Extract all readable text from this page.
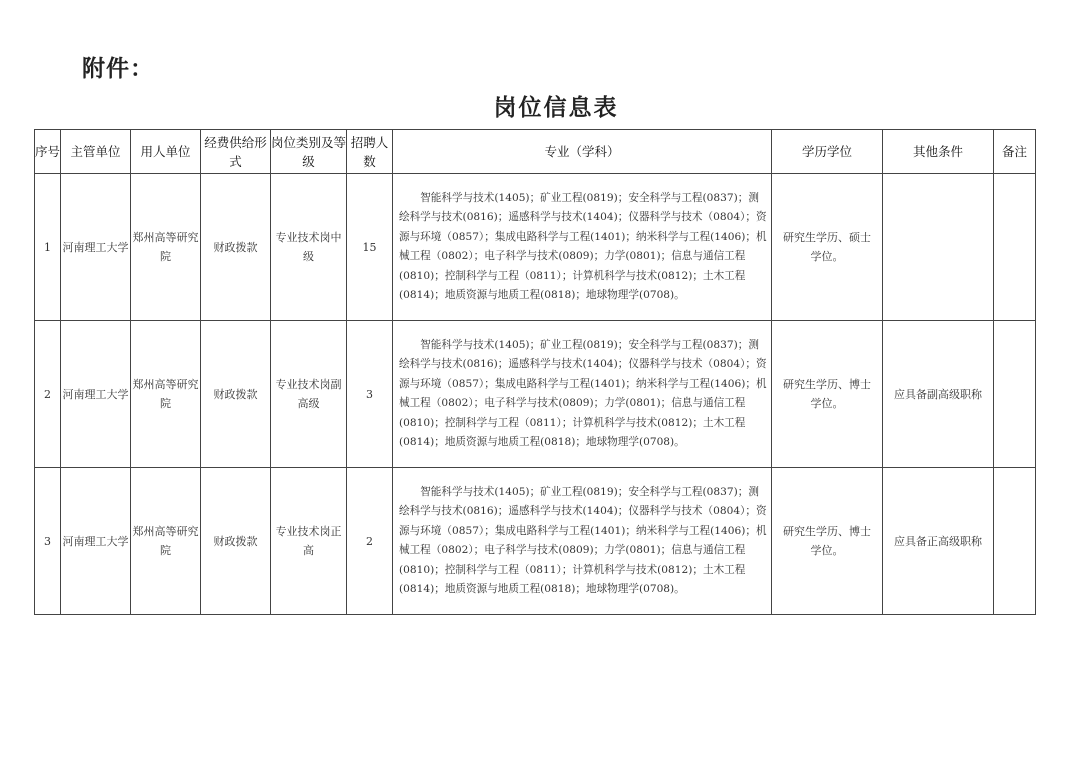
附件：
岗位信息表
序号	主管单位	用人单位	经费供给形式	岗位类别及等级	招聘人数	专业（学科）	学历学位	其他条件	备注
1	河南理工大学	郑州高等研究院	财政拨款	专业技术岗中级	15	智能科学与技术(1405)；矿业工程(0819)；安全科学与工程(0837)；测绘科学与技术(0816)；遥感科学与技术(1404)；仪器科学与技术（0804）；资源与环境（0857）；集成电路科学与工程(1401)；纳米科学与工程(1406)；机械工程（0802）；电子科学与技术(0809)；力学(0801)；信息与通信工程(0810)；控制科学与工程（0811）；计算机科学与技术(0812)；土木工程(0814)；地质资源与地质工程(0818)；地球物理学(0708)。	研究生学历、硕士学位。		
2	河南理工大学	郑州高等研究院	财政拨款	专业技术岗副高级	3	智能科学与技术(1405)；矿业工程(0819)；安全科学与工程(0837)；测绘科学与技术(0816)；遥感科学与技术(1404)；仪器科学与技术（0804）；资源与环境（0857）；集成电路科学与工程(1401)；纳米科学与工程(1406)；机械工程（0802）；电子科学与技术(0809)；力学(0801)；信息与通信工程(0810)；控制科学与工程（0811）；计算机科学与技术(0812)；土木工程(0814)；地质资源与地质工程(0818)；地球物理学(0708)。	研究生学历、博士学位。	应具备副高级职称	
3	河南理工大学	郑州高等研究院	财政拨款	专业技术岗正高	2	智能科学与技术(1405)；矿业工程(0819)；安全科学与工程(0837)；测绘科学与技术(0816)；遥感科学与技术(1404)；仪器科学与技术（0804）；资源与环境（0857）；集成电路科学与工程(1401)；纳米科学与工程(1406)；机械工程（0802）；电子科学与技术(0809)；力学(0801)；信息与通信工程(0810)；控制科学与工程（0811）；计算机科学与技术(0812)；土木工程(0814)；地质资源与地质工程(0818)；地球物理学(0708)。	研究生学历、博士学位。	应具备正高级职称	
